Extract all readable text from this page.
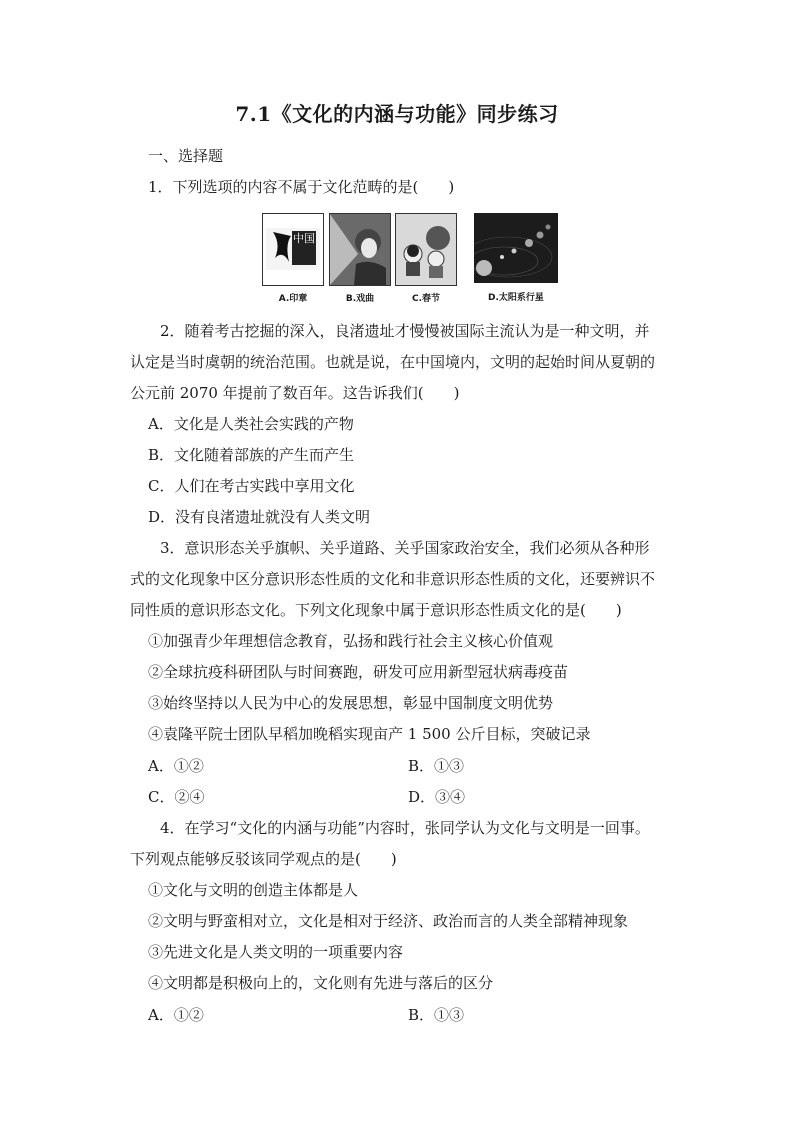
7.1《文化的内涵与功能》同步练习
一、选择题
1．下列选项的内容不属于文化范畴的是(　　)
中国
A.印章	B.戏曲	C.春节	D.太阳系行星
2．随着考古挖掘的深入，良渚遗址才慢慢被国际主流认为是一种文明，并
认定是当时虞朝的统治范围。也就是说，在中国境内，文明的起始时间从夏朝的
公元前 2070 年提前了数百年。这告诉我们(　　)
A．文化是人类社会实践的产物
B．文化随着部族的产生而产生
C．人们在考古实践中享用文化
D．没有良渚遗址就没有人类文明
3．意识形态关乎旗帜、关乎道路、关乎国家政治安全，我们必须从各种形
式的文化现象中区分意识形态性质的文化和非意识形态性质的文化，还要辨识不
同性质的意识形态文化。下列文化现象中属于意识形态性质文化的是(　　)
①加强青少年理想信念教育，弘扬和践行社会主义核心价值观
②全球抗疫科研团队与时间赛跑，研发可应用新型冠状病毒疫苗
③始终坚持以人民为中心的发展思想，彰显中国制度文明优势
④袁隆平院士团队早稻加晚稻实现亩产 1 500 公斤目标，突破记录
A．①②	B．①③
C．②④	D．③④
4．在学习“文化的内涵与功能”内容时，张同学认为文化与文明是一回事。
下列观点能够反驳该同学观点的是(　　)
①文化与文明的创造主体都是人
②文明与野蛮相对立，文化是相对于经济、政治而言的人类全部精神现象
③先进文化是人类文明的一项重要内容
④文明都是积极向上的，文化则有先进与落后的区分
A．①②	B．①③
